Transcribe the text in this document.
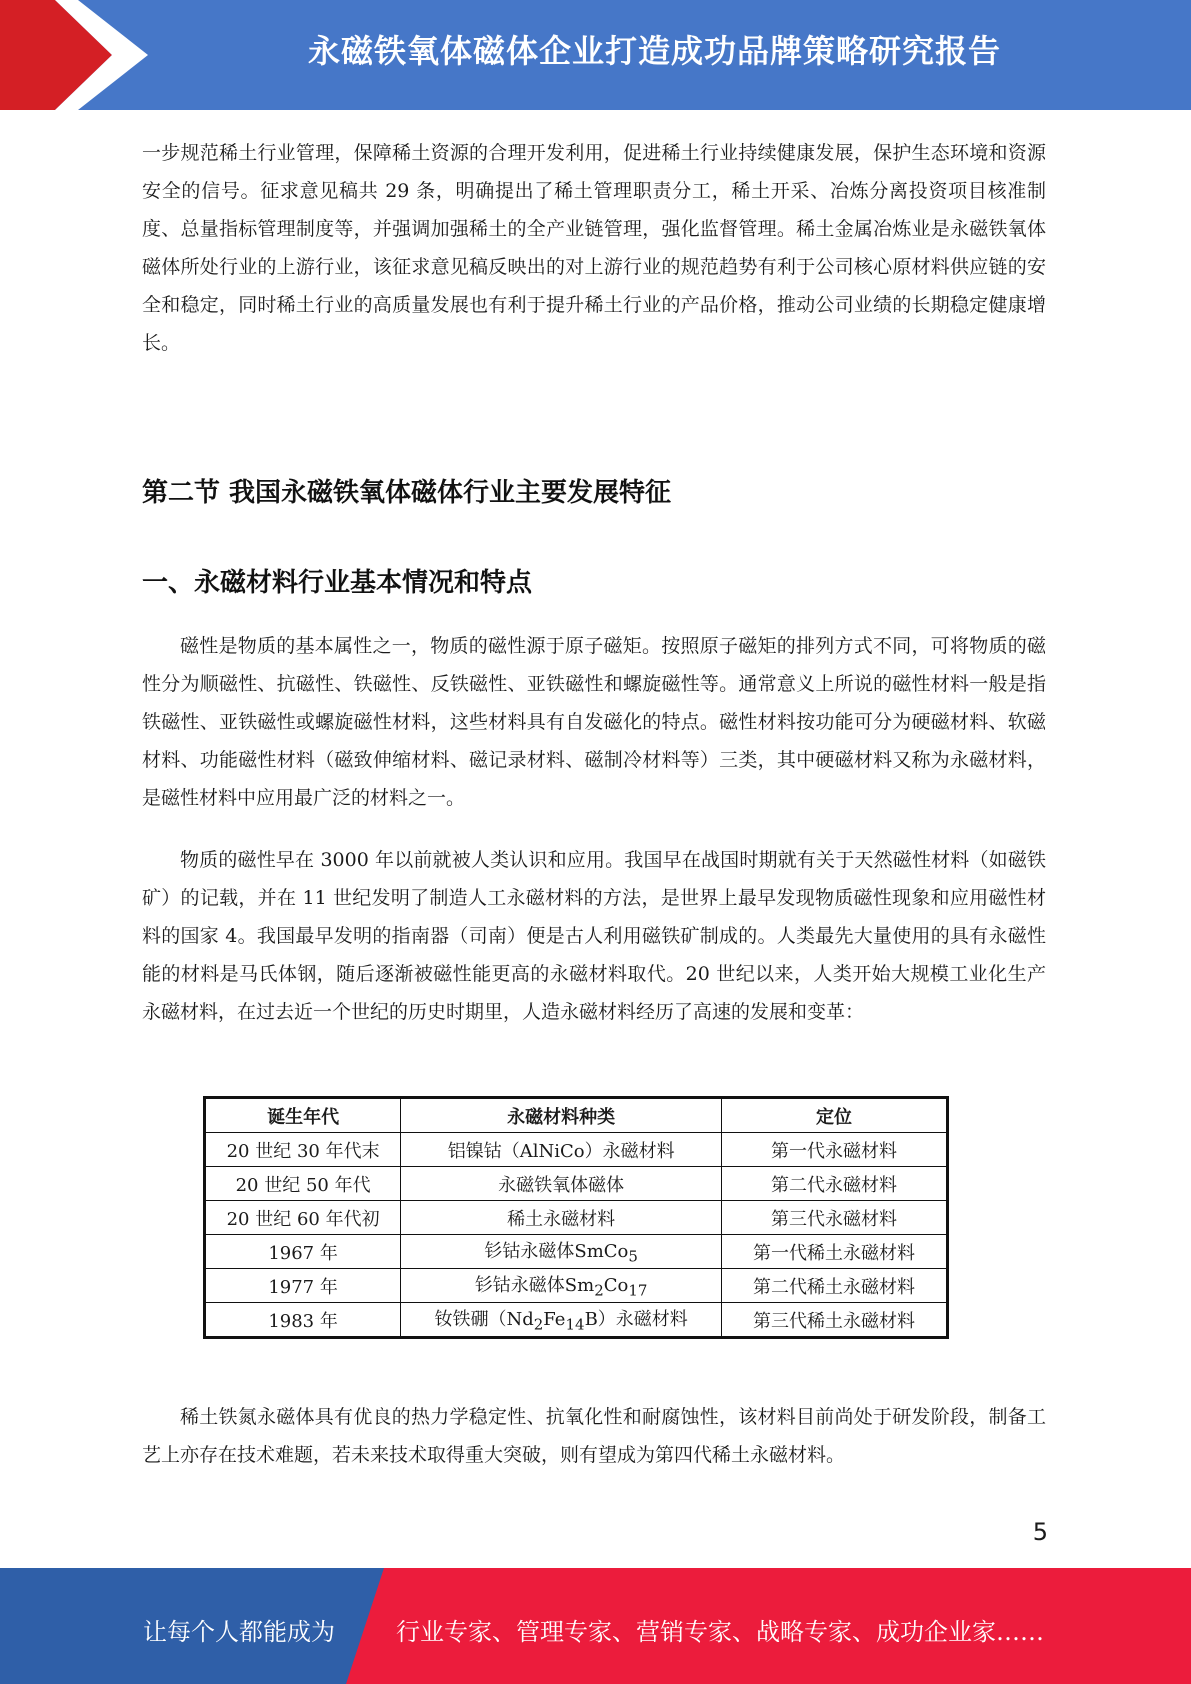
永磁铁氧体磁体企业打造成功品牌策略研究报告

一步规范稀土行业管理，保障稀土资源的合理开发利用，促进稀土行业持续健康发展，保护生态环境和资源安全的信号。征求意见稿共 29 条，明确提出了稀土管理职责分工，稀土开采、冶炼分离投资项目核准制度、总量指标管理制度等，并强调加强稀土的全产业链管理，强化监督管理。稀土金属冶炼业是永磁铁氧体磁体所处行业的上游行业，该征求意见稿反映出的对上游行业的规范趋势有利于公司核心原材料供应链的安全和稳定，同时稀土行业的高质量发展也有利于提升稀土行业的产品价格，推动公司业绩的长期稳定健康增长。

第二节 我国永磁铁氧体磁体行业主要发展特征
一、永磁材料行业基本情况和特点

磁性是物质的基本属性之一，物质的磁性源于原子磁矩。按照原子磁矩的排列方式不同，可将物质的磁性分为顺磁性、抗磁性、铁磁性、反铁磁性、亚铁磁性和螺旋磁性等。通常意义上所说的磁性材料一般是指铁磁性、亚铁磁性或螺旋磁性材料，这些材料具有自发磁化的特点。磁性材料按功能可分为硬磁材料、软磁材料、功能磁性材料（磁致伸缩材料、磁记录材料、磁制冷材料等）三类，其中硬磁材料又称为永磁材料，是磁性材料中应用最广泛的材料之一。

物质的磁性早在 3000 年以前就被人类认识和应用。我国早在战国时期就有关于天然磁性材料（如磁铁矿）的记载，并在 11 世纪发明了制造人工永磁材料的方法，是世界上最早发现物质磁性现象和应用磁性材料的国家 4。我国最早发明的指南器（司南）便是古人利用磁铁矿制成的。人类最先大量使用的具有永磁性能的材料是马氏体钢，随后逐渐被磁性能更高的永磁材料取代。20 世纪以来，人类开始大规模工业化生产永磁材料，在过去近一个世纪的历史时期里，人造永磁材料经历了高速的发展和变革：

诞生年代	永磁材料种类	定位
20 世纪 30 年代末	铝镍钴（AlNiCo）永磁材料	第一代永磁材料
20 世纪 50 年代	永磁铁氧体磁体	第二代永磁材料
20 世纪 60 年代初	稀土永磁材料	第三代永磁材料
1967 年	钐钴永磁体SmCo$_5$	第一代稀土永磁材料
1977 年	钐钴永磁体$Sm_2Co_{17}$	第二代稀土永磁材料
1983 年	钕铁硼$(Nd_2Fe_{14}B)$永磁材料	第三代稀土永磁材料

稀土铁氮永磁体具有优良的热力学稳定性、抗氧化性和耐腐蚀性，该材料目前尚处于研发阶段，制备工艺上亦存在技术难题，若未来技术取得重大突破，则有望成为第四代稀土永磁材料。

5
让每个人都能成为	行业专家、管理专家、营销专家、战略专家、成功企业家……
